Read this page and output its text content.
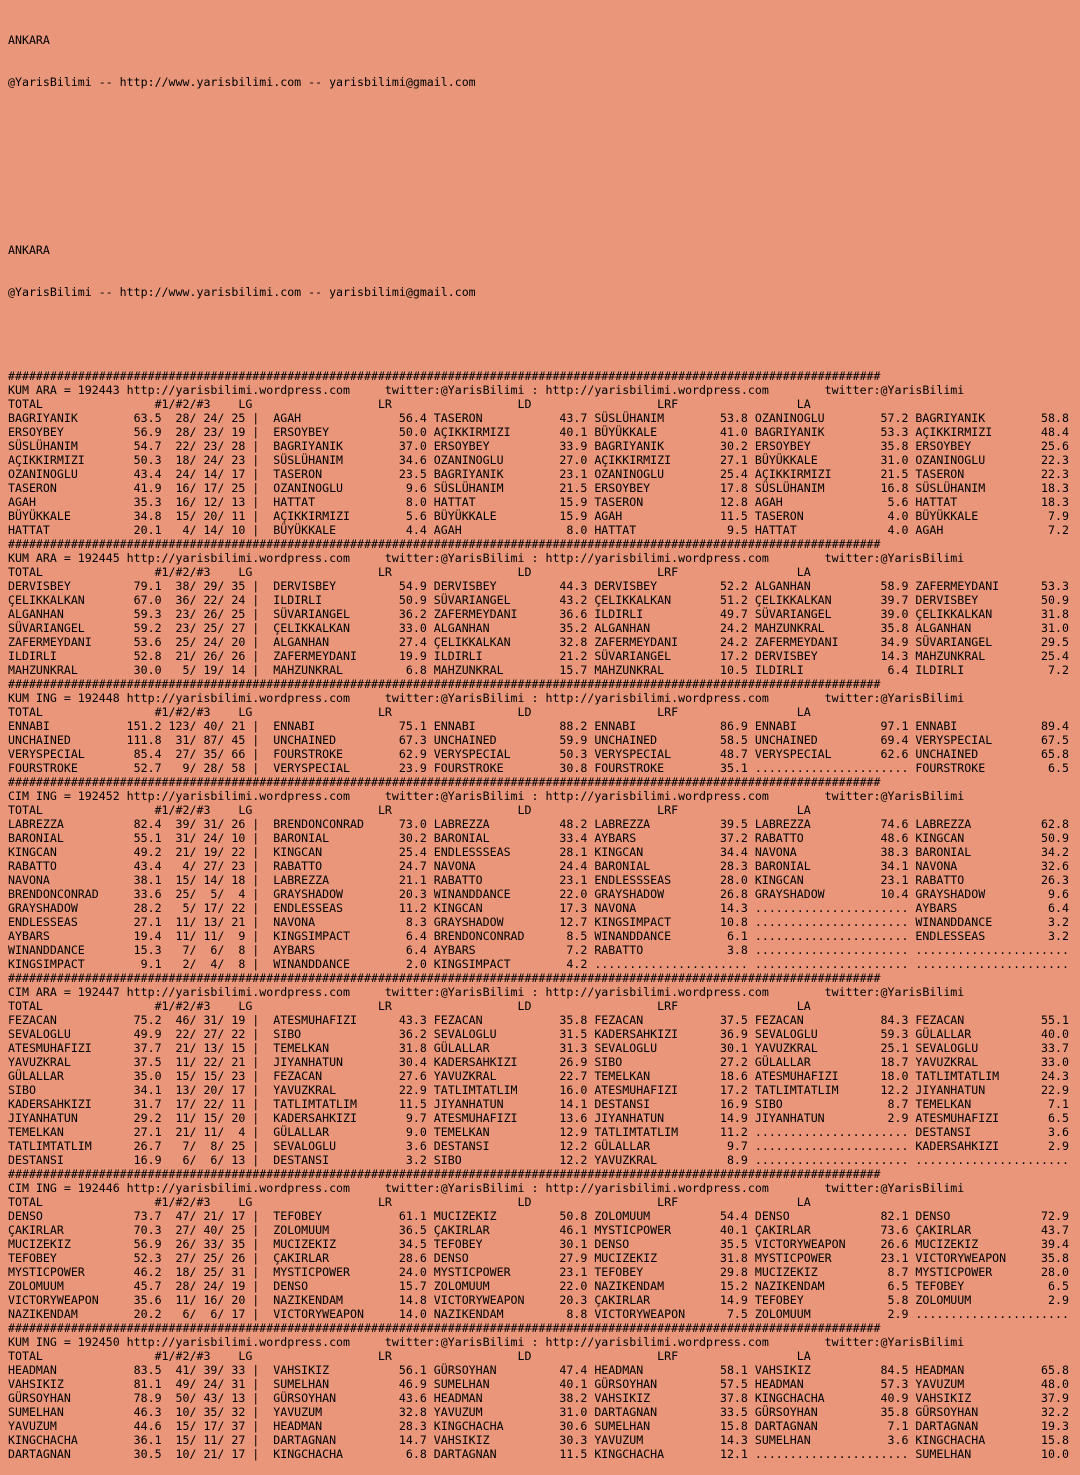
ANKARA

@YarisBilimi -- http://www.yarisbilimi.com -- yarisbilimi@gmail.com

ANKARA

@YarisBilimi -- http://www.yarisbilimi.com -- yarisbilimi@gmail.com

#############################################################################################################################
KUM ARA = 192443 http://yarisbilimi.wordpress.com     twitter:@YarisBilimi : http://yarisbilimi.wordpress.com        twitter:@YarisBilimi
TOTAL                #1/#2/#3    LG                  LR                  LD                  LRF                 LA
BAGRIYANIK        63.5  28/ 24/ 25 |  AGAH              56.4 TASERON           43.7 SÜSLÜHANIM        53.8 OZANINOGLU        57.2 BAGRIYANIK        58.8
ERSOYBEY          56.9  28/ 23/ 19 |  ERSOYBEY          50.0 AÇIKKIRMIZI       40.1 BÜYÜKKALE         41.0 BAGRIYANIK        53.3 AÇIKKIRMIZI       48.4
SÜSLÜHANIM        54.7  22/ 23/ 28 |  BAGRIYANIK        37.0 ERSOYBEY          33.9 BAGRIYANIK        30.2 ERSOYBEY          35.8 ERSOYBEY          25.6
AÇIKKIRMIZI       50.3  18/ 24/ 23 |  SÜSLÜHANIM        34.6 OZANINOGLU        27.0 AÇIKKIRMIZI       27.1 BÜYÜKKALE         31.0 OZANINOGLU        22.3
OZANINOGLU        43.4  24/ 14/ 17 |  TASERON           23.5 BAGRIYANIK        23.1 OZANINOGLU        25.4 AÇIKKIRMIZI       21.5 TASERON           22.3
TASERON           41.9  16/ 17/ 25 |  OZANINOGLU         9.6 SÜSLÜHANIM        21.5 ERSOYBEY          17.8 SÜSLÜHANIM        16.8 SÜSLÜHANIM        18.3
AGAH              35.3  16/ 12/ 13 |  HATTAT             8.0 HATTAT            15.9 TASERON           12.8 AGAH               5.6 HATTAT            18.3
BÜYÜKKALE         34.8  15/ 20/ 11 |  AÇIKKIRMIZI        5.6 BÜYÜKKALE         15.9 AGAH              11.5 TASERON            4.0 BÜYÜKKALE          7.9
HATTAT            20.1   4/ 14/ 10 |  BÜYÜKKALE          4.4 AGAH               8.0 HATTAT             9.5 HATTAT             4.0 AGAH               7.2
#############################################################################################################################
KUM ARA = 192445 http://yarisbilimi.wordpress.com     twitter:@YarisBilimi : http://yarisbilimi.wordpress.com        twitter:@YarisBilimi
TOTAL                #1/#2/#3    LG                  LR                  LD                  LRF                 LA
DERVISBEY         79.1  38/ 29/ 35 |  DERVISBEY         54.9 DERVISBEY         44.3 DERVISBEY         52.2 ALGANHAN          58.9 ZAFERMEYDANI      53.3
ÇELIKKALKAN       67.0  36/ 22/ 24 |  ILDIRLI           50.9 SÜVARIANGEL       43.2 ÇELIKKALKAN       51.2 ÇELIKKALKAN       39.7 DERVISBEY         50.9
ALGANHAN          59.3  23/ 26/ 25 |  SÜVARIANGEL       36.2 ZAFERMEYDANI      36.6 ILDIRLI           49.7 SÜVARIANGEL       39.0 ÇELIKKALKAN       31.8
SÜVARIANGEL       59.2  23/ 25/ 27 |  ÇELIKKALKAN       33.0 ALGANHAN          35.2 ALGANHAN          24.2 MAHZUNKRAL        35.8 ALGANHAN          31.0
ZAFERMEYDANI      53.6  25/ 24/ 20 |  ALGANHAN          27.4 ÇELIKKALKAN       32.8 ZAFERMEYDANI      24.2 ZAFERMEYDANI      34.9 SÜVARIANGEL       29.5
ILDIRLI           52.8  21/ 26/ 26 |  ZAFERMEYDANI      19.9 ILDIRLI           21.2 SÜVARIANGEL       17.2 DERVISBEY         14.3 MAHZUNKRAL        25.4
MAHZUNKRAL        30.0   5/ 19/ 14 |  MAHZUNKRAL         6.8 MAHZUNKRAL        15.7 MAHZUNKRAL        10.5 ILDIRLI            6.4 ILDIRLI            7.2
#############################################################################################################################
KUM ING = 192448 http://yarisbilimi.wordpress.com     twitter:@YarisBilimi : http://yarisbilimi.wordpress.com        twitter:@YarisBilimi
TOTAL                #1/#2/#3    LG                  LR                  LD                  LRF                 LA
ENNABI           151.2 123/ 40/ 21 |  ENNABI            75.1 ENNABI            88.2 ENNABI            86.9 ENNABI            97.1 ENNABI            89.4
UNCHAINED        111.8  31/ 87/ 45 |  UNCHAINED         67.3 UNCHAINED         59.9 UNCHAINED         58.5 UNCHAINED         69.4 VERYSPECIAL       67.5
VERYSPECIAL       85.4  27/ 35/ 66 |  FOURSTROKE        62.9 VERYSPECIAL       50.3 VERYSPECIAL       48.7 VERYSPECIAL       62.6 UNCHAINED         65.8
FOURSTROKE        52.7   9/ 28/ 58 |  VERYSPECIAL       23.9 FOURSTROKE        30.8 FOURSTROKE        35.1 ...................... FOURSTROKE         6.5
#############################################################################################################################
CIM ING = 192452 http://yarisbilimi.wordpress.com     twitter:@YarisBilimi : http://yarisbilimi.wordpress.com        twitter:@YarisBilimi
TOTAL                #1/#2/#3    LG                  LR                  LD                  LRF                 LA
LABREZZA          82.4  39/ 31/ 26 |  BRENDONCONRAD     73.0 LABREZZA          48.2 LABREZZA          39.5 LABREZZA          74.6 LABREZZA          62.8
BARONIAL          55.1  31/ 24/ 10 |  BARONIAL          30.2 BARONIAL          33.4 AYBARS            37.2 RABATTO           48.6 KINGCAN           50.9
KINGCAN           49.2  21/ 19/ 22 |  KINGCAN           25.4 ENDLESSSEAS       28.1 KINGCAN           34.4 NAVONA            38.3 BARONIAL          34.2
RABATTO           43.4   4/ 27/ 23 |  RABATTO           24.7 NAVONA            24.4 BARONIAL          28.3 BARONIAL          34.1 NAVONA            32.6
NAVONA            38.1  15/ 14/ 18 |  LABREZZA          21.1 RABATTO           23.1 ENDLESSSEAS       28.0 KINGCAN           23.1 RABATTO           26.3
BRENDONCONRAD     33.6  25/  5/  4 |  GRAYSHADOW        20.3 WINANDDANCE       22.0 GRAYSHADOW        26.8 GRAYSHADOW        10.4 GRAYSHADOW         9.6
GRAYSHADOW        28.2   5/ 17/ 22 |  ENDLESSEAS        11.2 KINGCAN           17.3 NAVONA            14.3 ...................... AYBARS             6.4
ENDLESSEAS        27.1  11/ 13/ 21 |  NAVONA             8.3 GRAYSHADOW        12.7 KINGSIMPACT       10.8 ...................... WINANDDANCE        3.2
AYBARS            19.4  11/ 11/  9 |  KINGSIMPACT        6.4 BRENDONCONRAD      8.5 WINANDDANCE        6.1 ...................... ENDLESSEAS         3.2
WINANDDANCE       15.3   7/  6/  8 |  AYBARS             6.4 AYBARS             7.2 RABATTO            3.8 ...................... ......................
KINGSIMPACT        9.1   2/  4/  8 |  WINANDDANCE        2.0 KINGSIMPACT        4.2 ...................... ...................... ......................
#############################################################################################################################
CIM ARA = 192447 http://yarisbilimi.wordpress.com     twitter:@YarisBilimi : http://yarisbilimi.wordpress.com        twitter:@YarisBilimi
TOTAL                #1/#2/#3    LG                  LR                  LD                  LRF                 LA
FEZACAN           75.2  46/ 31/ 19 |  ATESMUHAFIZI      43.3 FEZACAN           35.8 FEZACAN           37.5 FEZACAN           84.3 FEZACAN           55.1
SEVALOGLU         49.9  22/ 27/ 22 |  SIBO              36.2 SEVALOGLU         31.5 KADERSAHKIZI      36.9 SEVALOGLU         59.3 GÜLALLAR          40.0
ATESMUHAFIZI      37.7  21/ 13/ 15 |  TEMELKAN          31.8 GÜLALLAR          31.3 SEVALOGLU         30.1 YAVUZKRAL         25.1 SEVALOGLU         33.7
YAVUZKRAL         37.5  11/ 22/ 21 |  JIYANHATUN        30.4 KADERSAHKIZI      26.9 SIBO              27.2 GÜLALLAR          18.7 YAVUZKRAL         33.0
GÜLALLAR          35.0  15/ 15/ 23 |  FEZACAN           27.6 YAVUZKRAL         22.7 TEMELKAN          18.6 ATESMUHAFIZI      18.0 TATLIMTATLIM      24.3
SIBO              34.1  13/ 20/ 17 |  YAVUZKRAL         22.9 TATLIMTATLIM      16.0 ATESMUHAFIZI      17.2 TATLIMTATLIM      12.2 JIYANHATUN        22.9
KADERSAHKIZI      31.7  17/ 22/ 11 |  TATLIMTATLIM      11.5 JIYANHATUN        14.1 DESTANSI          16.9 SIBO               8.7 TEMELKAN           7.1
JIYANHATUN        29.2  11/ 15/ 20 |  KADERSAHKIZI       9.7 ATESMUHAFIZI      13.6 JIYANHATUN        14.9 JIYANHATUN         2.9 ATESMUHAFIZI       6.5
TEMELKAN          27.1  21/ 11/  4 |  GÜLALLAR           9.0 TEMELKAN          12.9 TATLIMTATLIM      11.2 ...................... DESTANSI           3.6
TATLIMTATLIM      26.7   7/  8/ 25 |  SEVALOGLU          3.6 DESTANSI          12.2 GÜLALLAR           9.7 ...................... KADERSAHKIZI       2.9
DESTANSI          16.9   6/  6/ 13 |  DESTANSI           3.2 SIBO              12.2 YAVUZKRAL          8.9 ...................... ......................
#############################################################################################################################
CIM ING = 192446 http://yarisbilimi.wordpress.com     twitter:@YarisBilimi : http://yarisbilimi.wordpress.com        twitter:@YarisBilimi
TOTAL                #1/#2/#3    LG                  LR                  LD                  LRF                 LA
DENSO             73.7  47/ 21/ 17 |  TEFOBEY           61.1 MUCIZEKIZ         50.8 ZOLOMUUM          54.4 DENSO             82.1 DENSO             72.9
ÇAKIRLAR          70.3  27/ 40/ 25 |  ZOLOMUUM          36.5 ÇAKIRLAR          46.1 MYSTICPOWER       40.1 ÇAKIRLAR          73.6 ÇAKIRLAR          43.7
MUCIZEKIZ         56.9  26/ 33/ 35 |  MUCIZEKIZ         34.5 TEFOBEY           30.1 DENSO             35.5 VICTORYWEAPON     26.6 MUCIZEKIZ         39.4
TEFOBEY           52.3  27/ 25/ 26 |  ÇAKIRLAR          28.6 DENSO             27.9 MUCIZEKIZ         31.8 MYSTICPOWER       23.1 VICTORYWEAPON     35.8
MYSTICPOWER       46.2  18/ 25/ 31 |  MYSTICPOWER       24.0 MYSTICPOWER       23.1 TEFOBEY           29.8 MUCIZEKIZ          8.7 MYSTICPOWER       28.0
ZOLOMUUM          45.7  28/ 24/ 19 |  DENSO             15.7 ZOLOMUUM          22.0 NAZIKENDAM        15.2 NAZIKENDAM         6.5 TEFOBEY            6.5
VICTORYWEAPON     35.6  11/ 16/ 20 |  NAZIKENDAM        14.8 VICTORYWEAPON     20.3 ÇAKIRLAR          14.9 TEFOBEY            5.8 ZOLOMUUM           2.9
NAZIKENDAM        20.2   6/  6/ 17 |  VICTORYWEAPON     14.0 NAZIKENDAM         8.8 VICTORYWEAPON      7.5 ZOLOMUUM           2.9 ......................
#############################################################################################################################
KUM ING = 192450 http://yarisbilimi.wordpress.com     twitter:@YarisBilimi : http://yarisbilimi.wordpress.com        twitter:@YarisBilimi
TOTAL                #1/#2/#3    LG                  LR                  LD                  LRF                 LA
HEADMAN           83.5  41/ 39/ 33 |  VAHSIKIZ          56.1 GÜRSOYHAN         47.4 HEADMAN           58.1 VAHSIKIZ          84.5 HEADMAN           65.8
VAHSIKIZ          81.1  49/ 24/ 31 |  SUMELHAN          46.9 SUMELHAN          40.1 GÜRSOYHAN         57.5 HEADMAN           57.3 YAVUZUM           48.0
GÜRSOYHAN         78.9  50/ 43/ 13 |  GÜRSOYHAN         43.6 HEADMAN           38.2 VAHSIKIZ          37.8 KINGCHACHA        40.9 VAHSIKIZ          37.9
SUMELHAN          46.3  10/ 35/ 32 |  YAVUZUM           32.8 YAVUZUM           31.0 DARTAGNAN         33.5 GÜRSOYHAN         35.8 GÜRSOYHAN         32.2
YAVUZUM           44.6  15/ 17/ 37 |  HEADMAN           28.3 KINGCHACHA        30.6 SUMELHAN          15.8 DARTAGNAN          7.1 DARTAGNAN         19.3
KINGCHACHA        36.1  15/ 11/ 27 |  DARTAGNAN         14.7 VAHSIKIZ          30.3 YAVUZUM           14.3 SUMELHAN           3.6 KINGCHACHA        15.8
DARTAGNAN         30.5  10/ 21/ 17 |  KINGCHACHA         6.8 DARTAGNAN         11.5 KINGCHACHA        12.1 ...................... SUMELHAN          10.0
